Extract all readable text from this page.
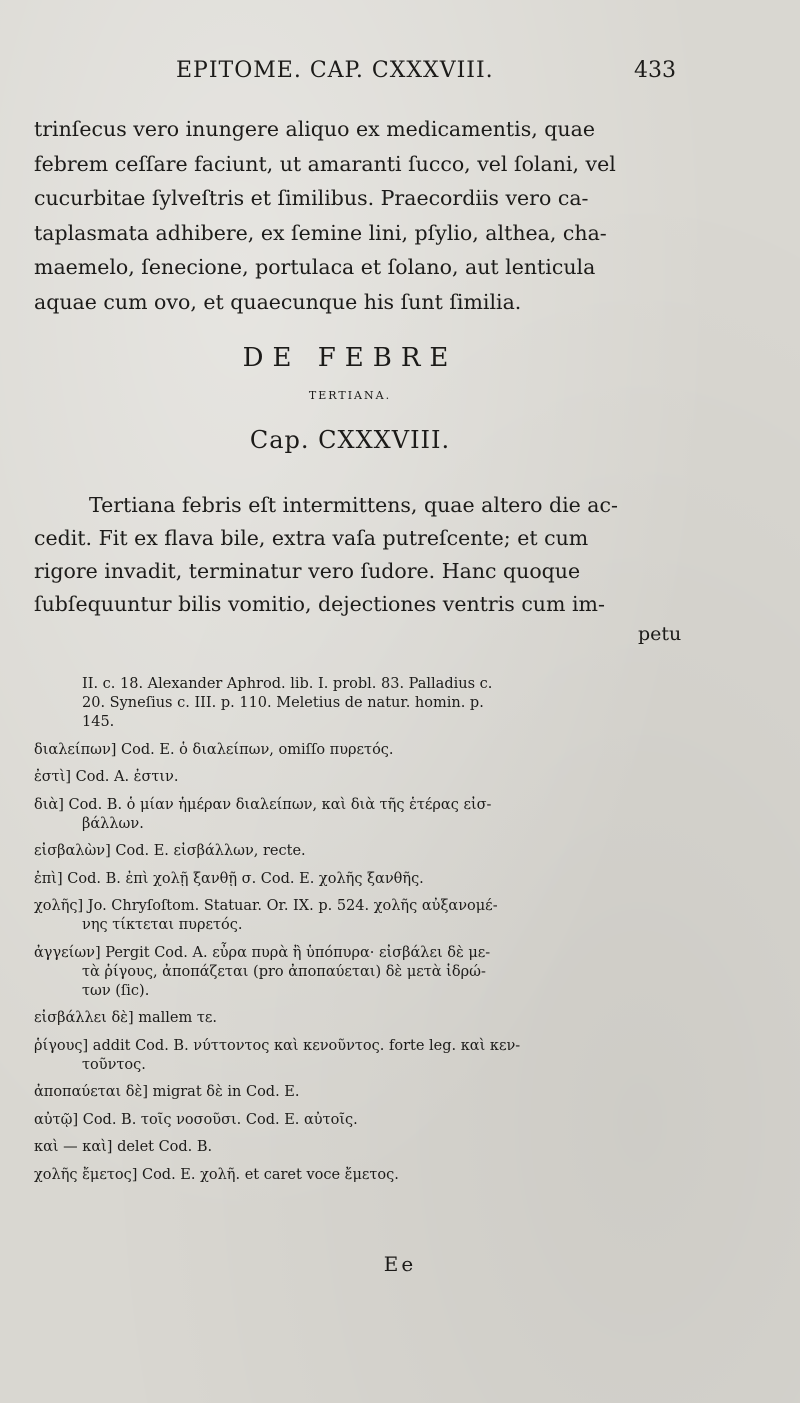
EPITOME. CAP. CXXXVIII.	433
trinſecus vero inungere aliquo ex medicamentis, quae
febrem ceſſare faciunt, ut amaranti ſucco, vel ſolani, vel
cucurbitae ſylveſtris et ſimilibus. Praecordiis vero ca-
taplasmata adhibere, ex ſemine lini, pſylio, althea, cha-
maemelo, ſenecione, portulaca et ſolano, aut lenticula
aquae cum ovo, et quaecunque his ſunt ſimilia.
DE FEBRE
TERTIANA.
Cap. CXXXVIII.
Tertiana febris eſt intermittens, quae altero die ac-
cedit. Fit ex flava bile, extra vaſa putreſcente; et cum
rigore invadit, terminatur vero ſudore. Hanc quoque
ſubſequuntur bilis vomitio, dejectiones ventris cum im-
petu
II. c. 18. Alexander Aphrod. lib. I. probl. 83. Palladius c.
20. Syneſius c. III. p. 110. Meletius de natur. homin. p.
145.
διαλείπων] Cod. E. ὁ διαλείπων, omiſſo πυρετός.
ἐστὶ] Cod. A. ἐστιν.
διὰ] Cod. B. ὁ μίαν ἡμέραν διαλείπων, καὶ διὰ τῆς ἑτέρας εἰσ-
βάλλων.
εἰσβαλὼν] Cod. E. εἰσβάλλων, recte.
ἐπὶ] Cod. B. ἐπὶ χολῇ ξανθῇ σ. Cod. E. χολῆς ξανθῆς.
χολῆς] Jo. Chryſoſtom. Statuar. Or. IX. p. 524. χολῆς αὐξανομέ-
νης τίκτεται πυρετός.
ἀγγείων] Pergit Cod. A. εὖρα πυρὰ ἢ ὑπόπυρα· εἰσβάλει δὲ με-
τὰ ῥίγους, ἀποπάζεται (pro ἀποπαύεται) δὲ μετὰ ἱδρώ-
των (ſic).
εἰσβάλλει δὲ] mallem τε.
ῥίγους] addit Cod. B. νύττοντος καὶ κενοῦντος. forte leg. καὶ κεν-
τοῦντος.
ἀποπαύεται δὲ] migrat δὲ in Cod. E.
αὐτῷ] Cod. B. τοῖς νοσοῦσι. Cod. E. αὐτοῖς.
καὶ — καὶ] delet Cod. B.
χολῆς ἔμετος] Cod. E. χολῆ. et caret voce ἔμετος.
Ee
